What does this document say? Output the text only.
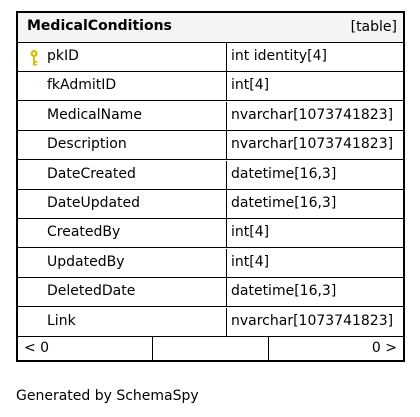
MedicalConditions	[table]
pkID	int identity[4]
fkAdmitID	int[4]
MedicalName	nvarchar[1073741823]
Description	nvarchar[1073741823]
DateCreated	datetime[16,3]
DateUpdated	datetime[16,3]
CreatedBy	int[4]
UpdatedBy	int[4]
DeletedDate	datetime[16,3]
Link	nvarchar[1073741823]
< 0	0 >
Generated by SchemaSpy
